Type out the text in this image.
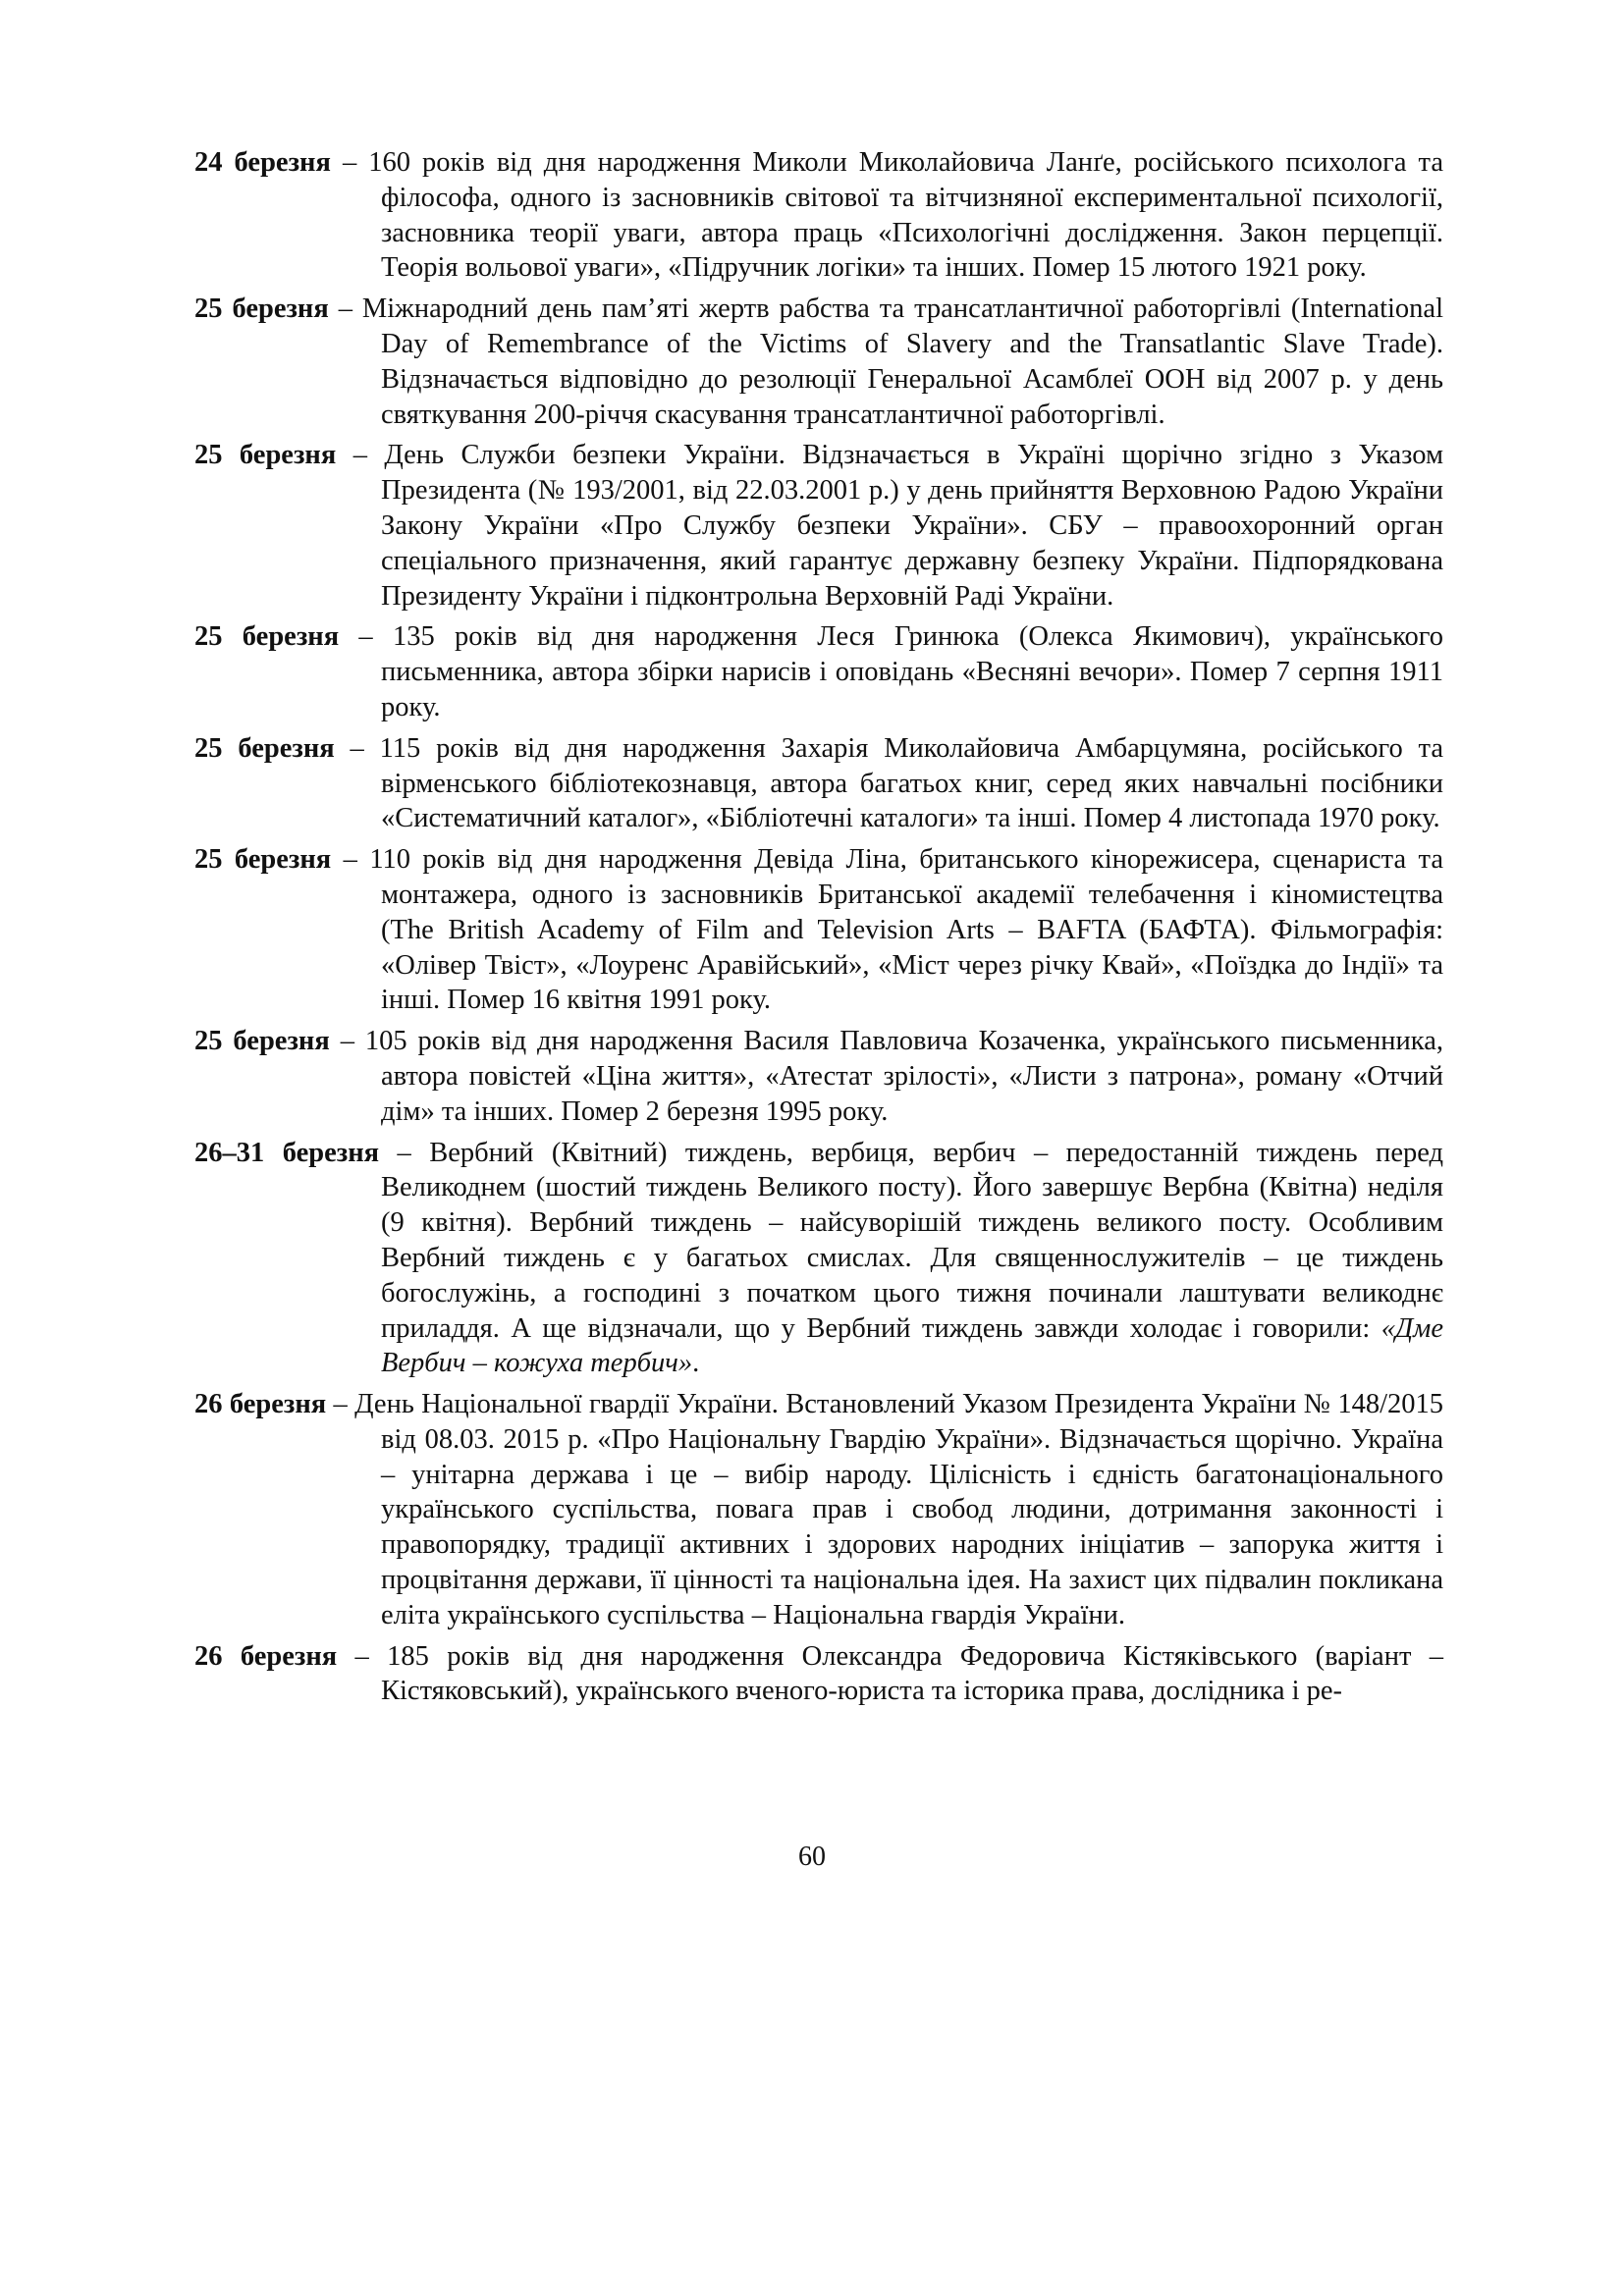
24 березня – 160 років від дня народження Миколи Миколайовича Ланґе, російського психолога та філософа, одного із засновників світової та вітчизняної експериментальної психології, засновника теорії уваги, автора праць «Психологічні дослідження. Закон перцепції. Теорія вольової уваги», «Підручник логіки» та інших. Помер 15 лютого 1921 року.

25 березня – Міжнародний день пам’яті жертв рабства та трансатлантичної работоргівлі (International Day of Remembrance of the Victims of Slavery and the Transatlantic Slave Trade). Відзначається відповідно до резолюції Генеральної Асамблеї ООН від 2007 р. у день святкування 200-річчя скасування трансатлантичної работоргівлі.

25 березня – День Служби безпеки України. Відзначається в Україні щорічно згідно з Указом Президента (№ 193/2001, від 22.03.2001 р.) у день прийняття Верховною Радою України Закону України «Про Службу безпеки України». СБУ – правоохоронний орган спеціального призначення, який гарантує державну безпеку України. Підпорядкована Президенту України і підконтрольна Верховній Раді України.

25 березня – 135 років від дня народження Леся Гринюка (Олекса Якимович), українського письменника, автора збірки нарисів і оповідань «Весняні вечори». Помер 7 серпня 1911 року.

25 березня – 115 років від дня народження Захарія Миколайовича Амбарцумяна, російського та вірменського бібліотекознавця, автора багатьох книг, серед яких навчальні посібники «Систематичний каталог», «Бібліотечні каталоги» та інші. Помер 4 листопада 1970 року.

25 березня – 110 років від дня народження Девіда Ліна, британського кінорежисера, сценариста та монтажера, одного із засновників Британської академії телебачення і кіномистецтва (The British Academy of Film and Television Arts – BAFTA (БАФТА). Фільмографія: «Олівер Твіст», «Лоуренс Аравійський», «Міст через річку Квай», «Поїздка до Індії» та інші. Помер 16 квітня 1991 року.

25 березня – 105 років від дня народження Василя Павловича Козаченка, українського письменника, автора повістей «Ціна життя», «Атестат зрілості», «Листи з патрона», роману «Отчий дім» та інших. Помер 2 березня 1995 року.

26–31 березня – Вербний (Квітний) тиждень, вербиця, вербич – передостанній тиждень перед Великоднем (шостий тиждень Великого посту). Його завершує Вербна (Квітна) неділя (9 квітня). Вербний тиждень – найсуворішій тиждень великого посту. Особливим Вербний тиждень є у багатьох смислах. Для священнослужителів – це тиждень богослужінь, а господині з початком цього тижня починали лаштувати великоднє приладдя. А ще відзначали, що у Вербний тиждень завжди холодає і говорили: «Дме Вербич – кожуха тербич».

26 березня – День Національної гвардії України. Встановлений Указом Президента України № 148/2015 від 08.03. 2015 р. «Про Національну Гвардію України». Відзначається щорічно. Україна – унітарна держава і це – вибір народу. Цілісність і єдність багатонаціонального українського суспільства, повага прав і свобод людини, дотримання законності і правопорядку, традиції активних і здорових народних ініціатив – запорука життя і процвітання держави, її цінності та національна ідея. На захист цих підвалин покликана еліта українського суспільства – Національна гвардія України.

26 березня – 185 років від дня народження Олександра Федоровича Кістяківського (варіант – Кістяковський), українського вченого-юриста та історика права, дослідника і ре-

60
